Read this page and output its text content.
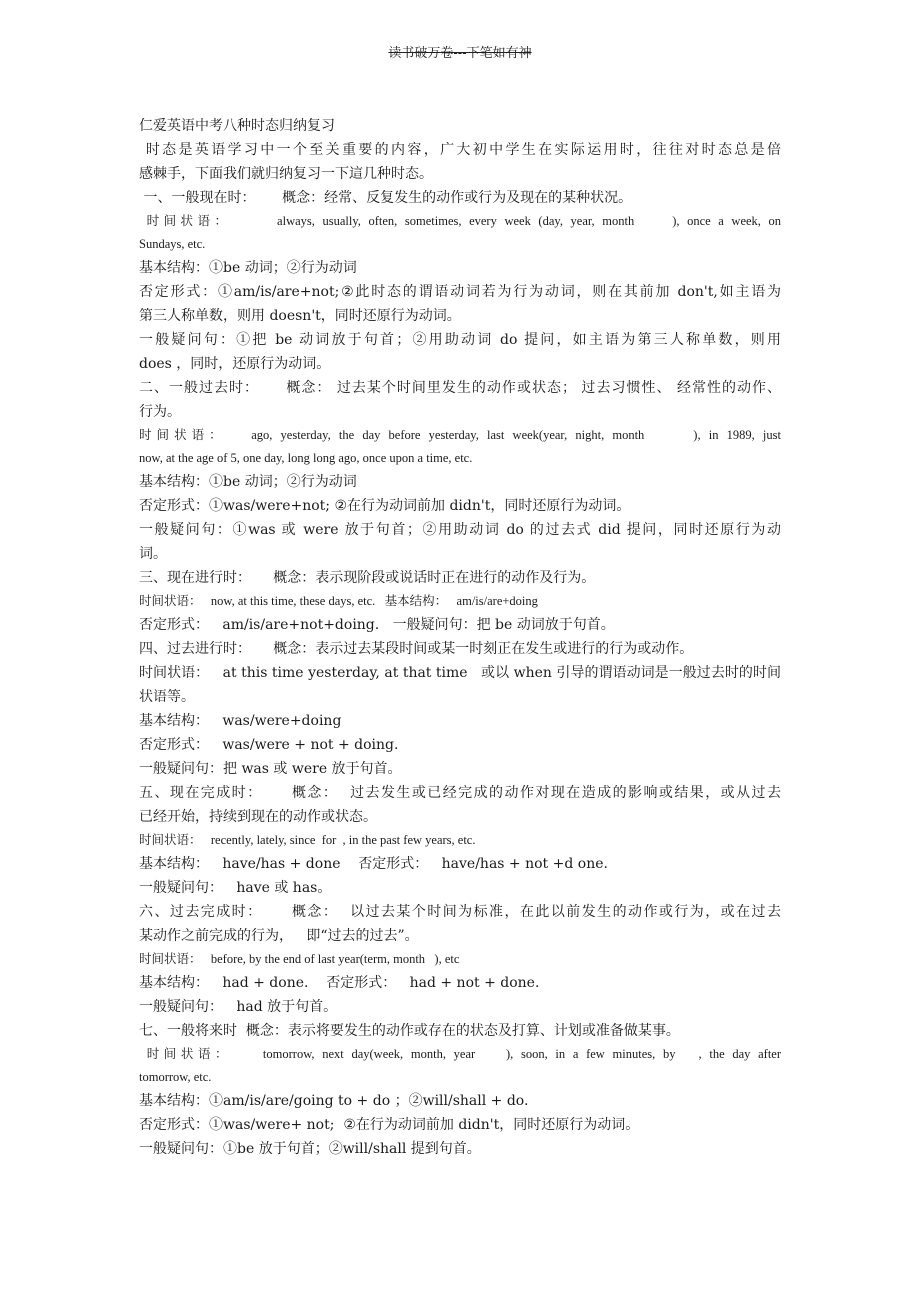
读书破万卷---下笔如有神

仁爱英语中考八种时态归纳复习

时态是英语学习中一个至关重要的内容，广大初中学生在实际运用时，往往对时态总是倍

感棘手，下面我们就归纳复习一下這几种时态。

一、一般现在时：      概念：经常、反复发生的动作或行为及现在的某种状况。

时间状语：      always, usually, often, sometimes, every week (day, year, month     ), once a week, on

Sundays, etc.

基本结构：①be 动词；②行为动词

否定形式：①am/is/are+not;②此时态的谓语动词若为行为动词，则在其前加 don't,如主语为

第三人称单数，则用 doesn't，同时还原行为动词。

一般疑问句：①把 be 动词放于句首；②用助动词 do 提问，如主语为第三人称单数，则用

does ，同时，还原行为动词。

二、一般过去时：     概念： 过去某个时间里发生的动作或状态； 过去习惯性、 经常性的动作、

行为。

时间状语：   ago, yesterday, the day before yesterday, last week(year, night, month      ), in 1989, just

now, at the age of 5, one day, long long ago, once upon a time, etc.

基本结构：①be 动词；②行为动词

否定形式：①was/were+not; ②在行为动词前加 didn't，同时还原行为动词。

一般疑问句：①was 或 were 放于句首；②用助动词 do 的过去式 did 提问，同时还原行为动

词。

三、现在进行时：     概念：表示现阶段或说话时正在进行的动作及行为。

时间状语：   now, at this time, these days, etc.   基本结构：   am/is/are+doing

否定形式：   am/is/are+not+doing.   一般疑问句：把 be 动词放于句首。

四、过去进行时：     概念：表示过去某段时间或某一时刻正在发生或进行的行为或动作。

时间状语：   at this time yesterday, at that time   或以 when 引导的谓语动词是一般过去时的时间

状语等。

基本结构：   was/were+doing

否定形式：   was/were + not + doing.

一般疑问句：把 was 或 were 放于句首。

五、现在完成时：     概念：  过去发生或已经完成的动作对现在造成的影响或结果，或从过去

已经开始，持续到现在的动作或状态。

时间状语：   recently, lately, since  for  , in the past few years, etc.

基本结构：   have/has + done    否定形式：   have/has + not +d one.

一般疑问句：   have 或 has。

六、过去完成时：     概念：  以过去某个时间为标准，在此以前发生的动作或行为，或在过去

某动作之前完成的行为，   即“过去的过去”。

时间状语：   before, by the end of last year(term, month   ), etc

基本结构：   had + done.    否定形式：   had + not + done.

一般疑问句：   had 放于句首。

七、一般将来时  概念：表示将要发生的动作或存在的状态及打算、计划或准备做某事。

时间状语：    tomorrow, next day(week, month, year    ), soon, in a few minutes, by   , the day after

tomorrow, etc.

基本结构：①am/is/are/going to + do ；②will/shall + do.

否定形式：①was/were+ not;  ②在行为动词前加 didn't，同时还原行为动词。

一般疑问句：①be 放于句首；②will/shall 提到句首。
